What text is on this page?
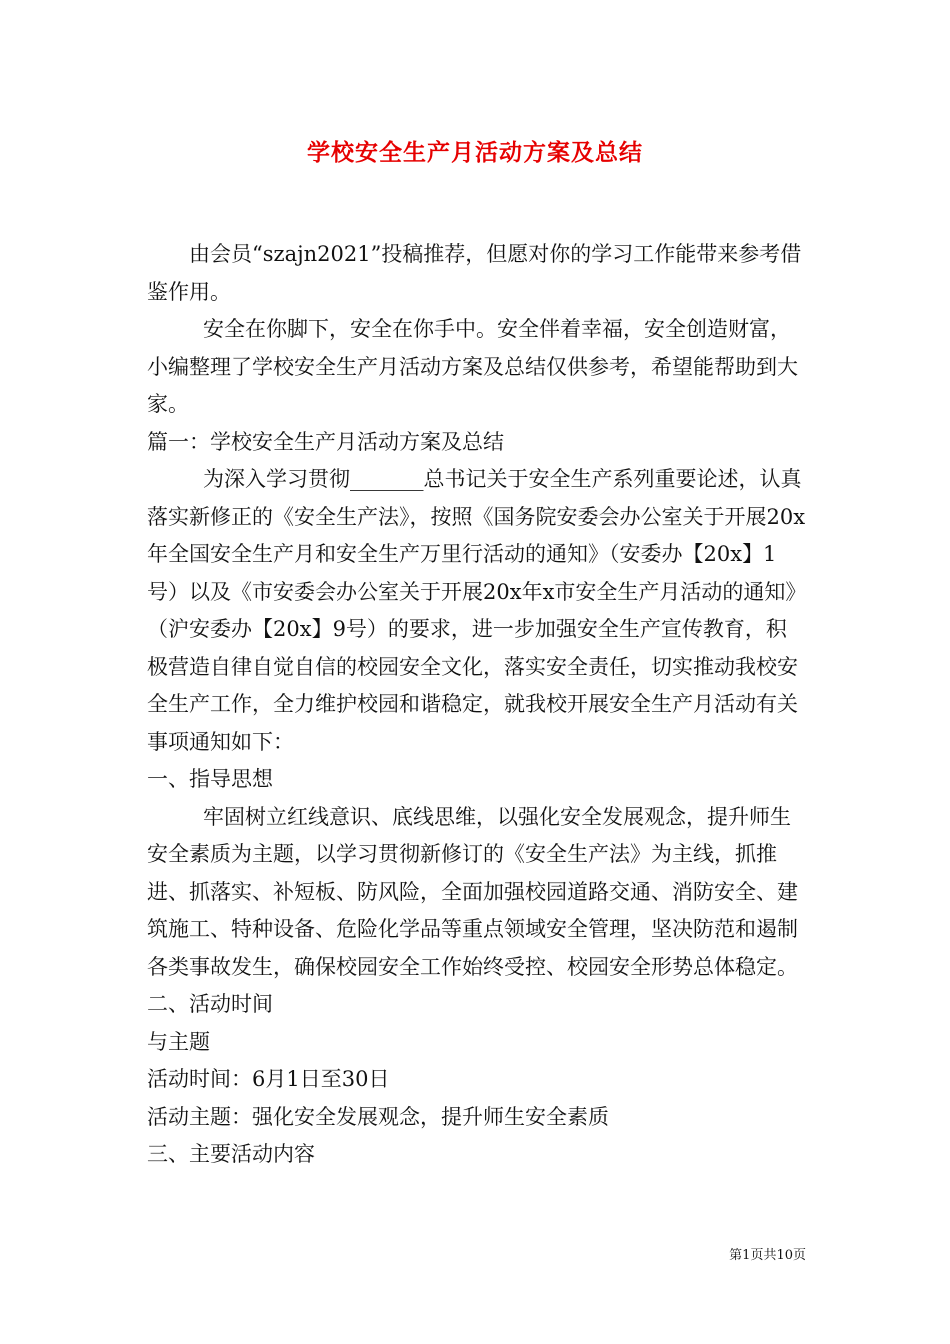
学校安全生产月活动方案及总结

由会员“szajn2021”投稿推荐，但愿对你的学习工作能带来参考借鉴作用。

安全在你脚下，安全在你手中。安全伴着幸福，安全创造财富，小编整理了学校安全生产月活动方案及总结仅供参考，希望能帮助到大家。

篇一：学校安全生产月活动方案及总结

为深入学习贯彻_______总书记关于安全生产系列重要论述，认真落实新修正的《安全生产法》，按照《国务院安委会办公室关于开展20x年全国安全生产月和安全生产万里行活动的通知》（安委办【20x】1号）以及《市安委会办公室关于开展20x年x市安全生产月活动的通知》（沪安委办【20x】9号）的要求，进一步加强安全生产宣传教育，积极营造自律自觉自信的校园安全文化，落实安全责任，切实推动我校安全生产工作，全力维护校园和谐稳定，就我校开展安全生产月活动有关事项通知如下：

一、指导思想

牢固树立红线意识、底线思维，以强化安全发展观念，提升师生安全素质为主题，以学习贯彻新修订的《安全生产法》为主线，抓推进、抓落实、补短板、防风险，全面加强校园道路交通、消防安全、建筑施工、特种设备、危险化学品等重点领域安全管理，坚决防范和遏制各类事故发生，确保校园安全工作始终受控、校园安全形势总体稳定。

二、活动时间

与主题

活动时间：6月1日至30日

活动主题：强化安全发展观念，提升师生安全素质

三、主要活动内容

第1页共10页
